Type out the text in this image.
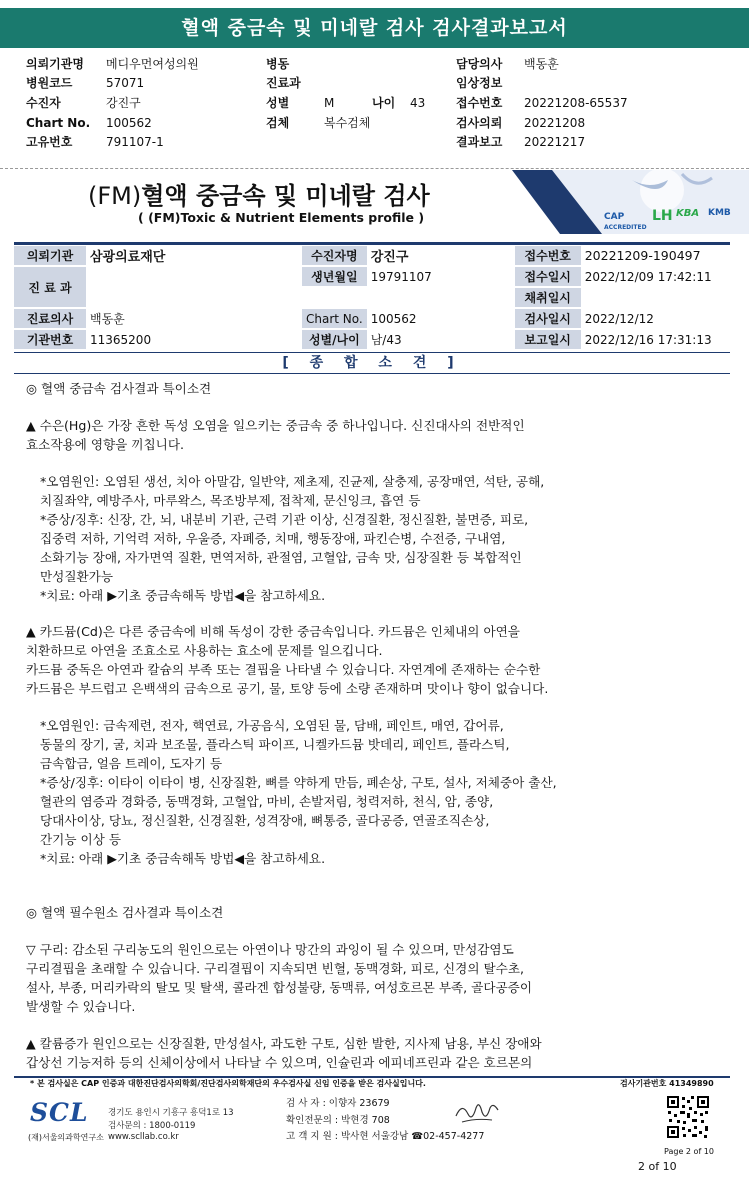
혈액 중금속 및 미네랄 검사 검사결과보고서
의뢰기관명 메디우먼여성의원	병동	담당의사 백동훈
병원코드	57071	진료과	임상정보
수진자	강진구	성별	M	나이 43	접수번호 20221208-65537
Chart No. 100562	검체	복수검체	검사의뢰 20221208
고유번호	791107-1	결과보고 20221217
(FM)혈액 중금속 및 미네랄 검사
( (FM)Toxic & Nutrient Elements profile )	CAP
ACCREDITED
LH KBA KMB
의뢰기관	삼광의료재단	수진자명	강진구	접수번호	20221209-190497
진 료 과		생년월일	19791107	접수일시	2022/12/09 17:42:11
				채취일시	
진료의사	백동훈	Chart No.	100562	검사일시	2022/12/12
기관번호	11365200	성별/나이	남/43	보고일시	2022/12/16 17:31:13
[ 종 합 소 견 ]
◎ 혈액 중금속 검사결과 특이소견
▲ 수은(Hg)은 가장 흔한 독성 오염을 일으키는 중금속 중 하나입니다. 신진대사의 전반적인
효소작용에 영향을 끼칩니다.
*오염원인: 오염된 생선, 치아 아말감, 일반약, 제초제, 진균제, 살충제, 공장매연, 석탄, 공해,
치질좌약, 예방주사, 마루왁스, 목조방부제, 접착제, 문신잉크, 흡연 등
*증상/징후: 신장, 간, 뇌, 내분비 기관, 근력 기관 이상, 신경질환, 정신질환, 불면증, 피로,
집중력 저하, 기억력 저하, 우울증, 자폐증, 치매, 행동장애, 파킨슨병, 수전증, 구내염,
소화기능 장애, 자가면역 질환, 면역저하, 관절염, 고혈압, 금속 맛, 심장질환 등 복합적인
만성질환가능
*치료: 아래 ▶기초 중금속해독 방법◀을 참고하세요.
▲ 카드뮴(Cd)은 다른 중금속에 비해 독성이 강한 중금속입니다. 카드뮴은 인체내의 아연을
치환하므로 아연을 조효소로 사용하는 효소에 문제를 일으킵니다.
카드뮴 중독은 아연과 칼슘의 부족 또는 결핍을 나타낼 수 있습니다. 자연계에 존재하는 순수한
카드뮴은 부드럽고 은백색의 금속으로 공기, 물, 토양 등에 소량 존재하며 맛이나 향이 없습니다.
*오염원인: 금속제련, 전자, 핵연료, 가공음식, 오염된 물, 담배, 페인트, 매연, 갑어류,
동물의 장기, 굴, 치과 보조물, 플라스틱 파이프, 니켈카드뮴 밧데리, 페인트, 플라스틱,
금속합금, 얼음 트레이, 도자기 등
*증상/징후: 이타이 이타이 병, 신장질환, 뼈를 약하게 만듬, 폐손상, 구토, 설사, 저체중아 출산,
혈관의 염증과 경화증, 동맥경화, 고혈압, 마비, 손발저림, 청력저하, 천식, 암, 종양,
당대사이상, 당뇨, 정신질환, 신경질환, 성격장애, 뼈통증, 골다공증, 연골조직손상,
간기능 이상 등
*치료: 아래 ▶기초 중금속해독 방법◀을 참고하세요.
◎ 혈액 필수원소 검사결과 특이소견
▽ 구리: 감소된 구리농도의 원인으로는 아연이나 망간의 과잉이 될 수 있으며, 만성감염도
구리결핍을 초래할 수 있습니다. 구리결핍이 지속되면 빈혈, 동맥경화, 피로, 신경의 탈수초,
설사, 부종, 머리카락의 탈모 및 탈색, 콜라겐 합성불량, 동맥류, 여성호르몬 부족, 골다공증이
발생할 수 있습니다.
▲ 칼륨증가 원인으로는 신장질환, 만성설사, 과도한 구토, 심한 발한, 지사제 남용, 부신 장애와
갑상선 기능저하 등의 신체이상에서 나타날 수 있으며, 인슐린과 에피네프린과 같은 호르몬의
* 본 검사실은 CAP 인증과 대한진단검사의학회/진단검사의학재단의 우수검사실 신임 인증을 받은 검사실입니다.	검사기관번호 41349890
SCL
(재)서울의과학연구소
경기도 용인시 기흥구 흥덕1로 13
검사문의 : 1800-0119
www.scllab.co.kr
검 사 자 : 이향자 23679
확인전문의 : 박현경 708
고 객 지 원 : 박사현 서울강남 ☎02-457-4277
Page 2 of 10
2 of 10
